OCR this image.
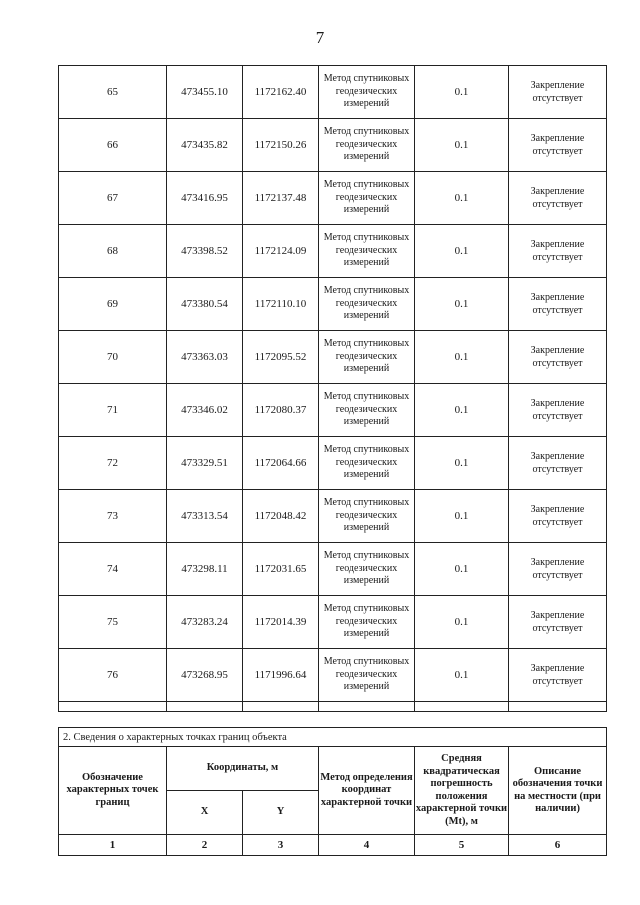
7
65	473455.10	1172162.40	Метод спутниковых геодезических измерений	0.1	Закрепление отсутствует
66	473435.82	1172150.26	Метод спутниковых геодезических измерений	0.1	Закрепление отсутствует
67	473416.95	1172137.48	Метод спутниковых геодезических измерений	0.1	Закрепление отсутствует
68	473398.52	1172124.09	Метод спутниковых геодезических измерений	0.1	Закрепление отсутствует
69	473380.54	1172110.10	Метод спутниковых геодезических измерений	0.1	Закрепление отсутствует
70	473363.03	1172095.52	Метод спутниковых геодезических измерений	0.1	Закрепление отсутствует
71	473346.02	1172080.37	Метод спутниковых геодезических измерений	0.1	Закрепление отсутствует
72	473329.51	1172064.66	Метод спутниковых геодезических измерений	0.1	Закрепление отсутствует
73	473313.54	1172048.42	Метод спутниковых геодезических измерений	0.1	Закрепление отсутствует
74	473298.11	1172031.65	Метод спутниковых геодезических измерений	0.1	Закрепление отсутствует
75	473283.24	1172014.39	Метод спутниковых геодезических измерений	0.1	Закрепление отсутствует
76	473268.95	1171996.64	Метод спутниковых геодезических измерений	0.1	Закрепление отсутствует

2. Сведения о характерных точках границ объекта					
Обозначение характерных точек границ	Координаты, м		Метод определения координат характерной точки	Средняя квадратическая погрешность положения характерной точки (Mt), м	Описание обозначения точки на местности (при наличии)
	X	Y			
1	2	3	4	5	6
